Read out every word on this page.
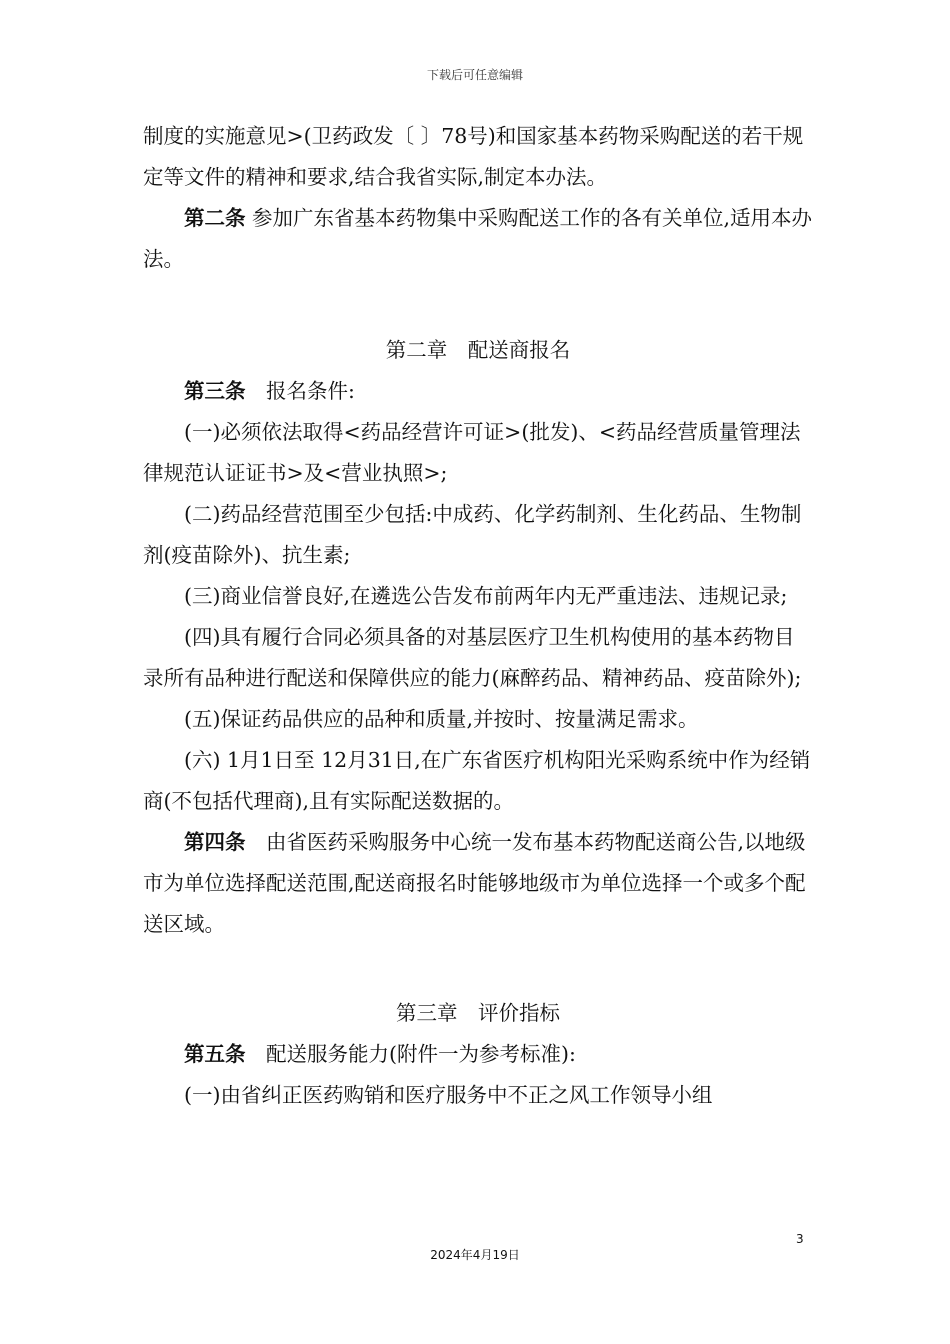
下载后可任意编辑

制度的实施意见>(卫药政发〔 〕78号)和国家基本药物采购配送的若干规定等文件的精神和要求,结合我省实际,制定本办法。

第二条 参加广东省基本药物集中采购配送工作的各有关单位,适用本办法。

第二章　配送商报名

第三条　报名条件:

(一)必须依法取得<药品经营许可证>(批发)、<药品经营质量管理法律规范认证证书>及<营业执照>;

(二)药品经营范围至少包括:中成药、化学药制剂、生化药品、生物制剂(疫苗除外)、抗生素;

(三)商业信誉良好,在遴选公告发布前两年内无严重违法、违规记录;

(四)具有履行合同必须具备的对基层医疗卫生机构使用的基本药物目录所有品种进行配送和保障供应的能力(麻醉药品、精神药品、疫苗除外);

(五)保证药品供应的品种和质量,并按时、按量满足需求。

(六) 1月1日至 12月31日,在广东省医疗机构阳光采购系统中作为经销商(不包括代理商),且有实际配送数据的。

第四条　由省医药采购服务中心统一发布基本药物配送商公告,以地级市为单位选择配送范围,配送商报名时能够地级市为单位选择一个或多个配送区域。

第三章　评价指标

第五条　配送服务能力(附件一为参考标准):

(一)由省纠正医药购销和医疗服务中不正之风工作领导小组

3
2024年4月19日
